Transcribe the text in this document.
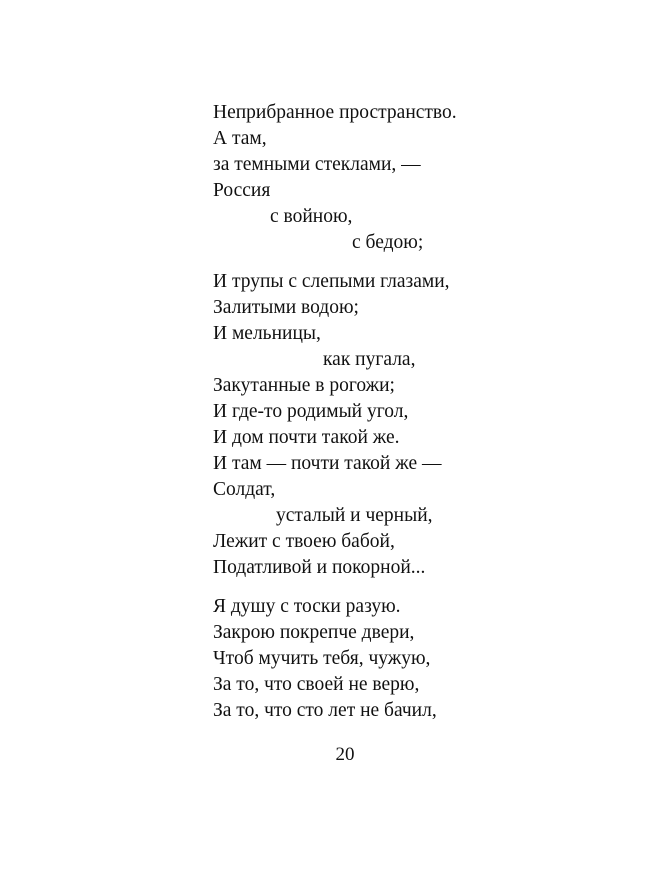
Неприбранное пространство.
А там,
за темными стеклами, —
Россия
с войною,
с бедою;
И трупы с слепыми глазами,
Залитыми водою;
И мельницы,
как пугала,
Закутанные в рогожи;
И где-то родимый угол,
И дом почти такой же.
И там — почти такой же —
Солдат,
усталый и черный,
Лежит с твоею бабой,
Податливой и покорной...
Я душу с тоски разую.
Закрою покрепче двери,
Чтоб мучить тебя, чужую,
За то, что своей не верю,
За то, что сто лет не бачил,
20
